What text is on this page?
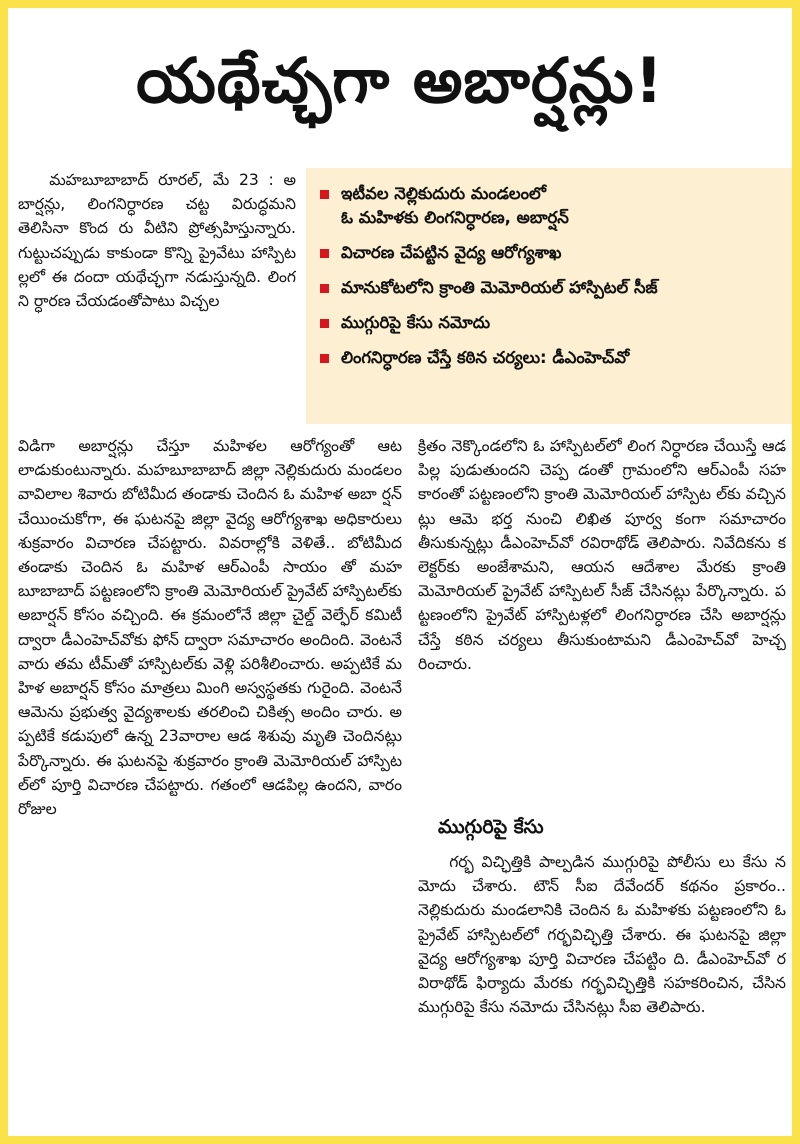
యథేచ్ఛగా అబార్షన్లు!
మహబూబాబాద్ రూరల్, మే 23 : అబార్షన్లు, లింగనిర్ధారణ చట్ట విరుద్ధమని తెలిసినా కొంద రు వీటిని ప్రోత్సహిస్తున్నారు. గుట్టుచప్పుడు కాకుండా కొన్ని ప్రైవేటు హాస్పిటల్లలో ఈ దందా యథేచ్ఛగా నడుస్తున్నది. లింగని ర్ధారణ చేయడంతోపాటు విచ్చల
ఇటీవల నెల్లికుదురు మండలంలో
ఓ మహిళకు లింగనిర్ధారణ, అబార్షన్
విచారణ చేపట్టిన వైద్య ఆరోగ్యశాఖ
మానుకోటలోని క్రాంతి మెమోరియల్ హాస్పిటల్ సీజ్
ముగ్గురిపై కేసు నమోదు
లింగనిర్ధారణ చేస్తే కఠిన చర్యలు: డీఎంహెచ్‌వో
విడిగా అబార్షన్లు చేస్తూ మహిళల ఆరోగ్యంతో ఆటలాడుకుంటున్నారు. మహబూబాబాద్ జిల్లా నెల్లికుదురు మండలం వావిలాల శివారు బోటిమీద తండాకు చెందిన ఓ మహిళ అబా ర్షన్ చేయించుకోగా, ఈ ఘటనపై జిల్లా వైద్య ఆరోగ్యశాఖ అధికారులు శుక్రవారం విచారణ చేపట్టారు. వివరాల్లోకి వెళితే.. బోటిమీద తండాకు చెందిన ఓ మహిళ ఆర్‌ఎంపీ సాయం తో మహబూబాబాద్ పట్టణంలోని క్రాంతి మెమోరియల్ ప్రైవేట్ హాస్పిటల్‌కు అబార్షన్ కోసం వచ్చింది. ఈ క్రమంలోనే జిల్లా చైల్డ్ వెల్ఫేర్ కమిటీ ద్వారా డీఎంహెచ్‌వోకు ఫోన్ ద్వారా సమాచారం అందింది. వెంటనే వారు తమ టీమ్‌తో హాస్పిటల్‌కు వెళ్లి పరిశీలించారు. అప్పటికే మహిళ అబార్షన్ కోసం మాత్రలు మింగి అస్వస్థతకు గురైంది. వెంటనే ఆమెను ప్రభుత్వ వైద్యశాలకు తరలించి చికిత్స అందిం చారు. అప్పటికే కడుపులో ఉన్న 23వారాల ఆడ శిశువు మృతి చెందినట్లు పేర్కొన్నారు. ఈ ఘటనపై శుక్రవారం క్రాంతి మెమోరియల్ హాస్పిటల్‌లో పూర్తి విచారణ చేపట్టారు. గతంలో ఆడపిల్ల ఉందని, వారం రోజుల
క్రితం నెక్కొండలోని ఓ హాస్పిటల్‌లో లింగ నిర్ధారణ చేయిస్తే ఆడపిల్ల పుడుతుందని చెప్ప డంతో గ్రామంలోని ఆర్‌ఎంపీ సహకారంతో పట్టణంలోని క్రాంతి మెమోరియల్ హాస్పిట ల్‌కు వచ్చినట్లు ఆమె భర్త నుంచి లిఖిత పూర్వ కంగా సమాచారం తీసుకున్నట్లు డీఎంహెచ్‌వో రవిరాథోడ్ తెలిపారు. నివేదికను కలెక్టర్‌కు అంజేశామని, ఆయన ఆదేశాల మేరకు క్రాంతి మెమోరియల్ ప్రైవేట్ హాస్పిటల్ సీజ్ చేసినట్లు పేర్కొన్నారు. పట్టణంలోని ప్రైవేట్ హాస్పిటళ్లలో లింగనిర్ధారణ చేసి అబార్షన్లు చేస్తే కఠిన చర్యలు తీసుకుంటామని డీఎంహెచ్‌వో హెచ్చరించారు.
ముగ్గురిపై కేసు
గర్భ విచ్ఛిత్తికి పాల్పడిన ముగ్గురిపై పోలీసు లు కేసు నమోదు చేశారు. టౌన్ సీఐ దేవేందర్ కథనం ప్రకారం.. నెల్లికుదురు మండలానికి చెందిన ఓ మహిళకు పట్టణంలోని ఓ ప్రైవేట్ హాస్పిటల్‌లో గర్భవిచ్ఛిత్తి చేశారు. ఈ ఘటనపై జిల్లా వైద్య ఆరోగ్యశాఖ పూర్తి విచారణ చేపట్టిం ది. డీఎంహెచ్‌వో రవిరాథోడ్ ఫిర్యాదు మేరకు గర్భవిచ్ఛిత్తికి సహకరించిన, చేసిన ముగ్గురిపై కేసు నమోదు చేసినట్లు సీఐ తెలిపారు.
